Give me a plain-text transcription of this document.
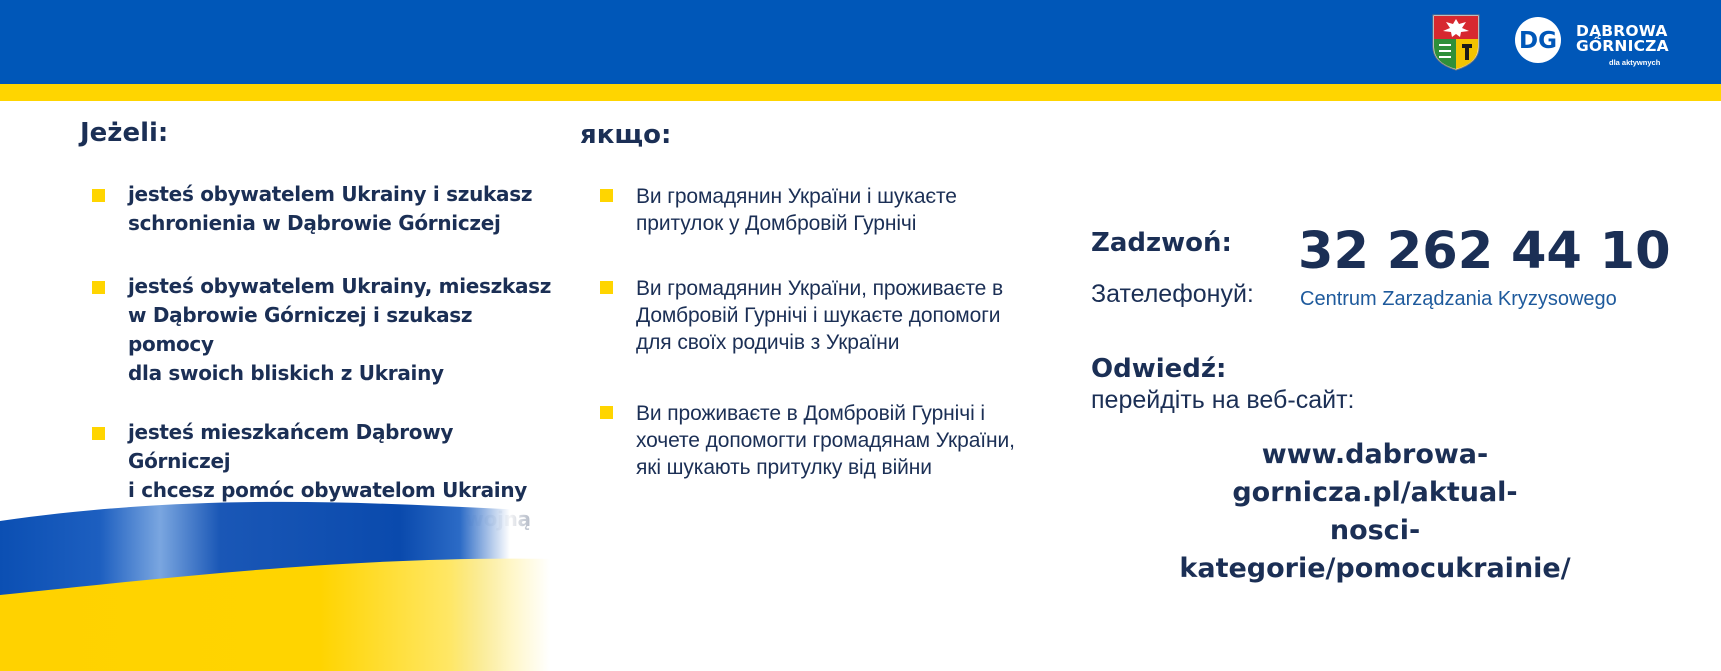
DG DĄBROWA
GÓRNICZA
dla aktywnych
Jeżeli:	якщо:
jesteś obywatelem Ukrainy i szukasz
schronienia w Dąbrowie Górniczej
jesteś obywatelem Ukrainy, mieszkasz
w Dąbrowie Górniczej i szukasz pomocy
dla swoich bliskich z Ukrainy
jesteś mieszkańcem Dąbrowy Górniczej
i chcesz pomóc obywatelom Ukrainy
Ви громадянин України і шукаєте
притулок у Домбровій Гурнічі
Ви громадянин України, проживаєте в
Домбровій Гурнічі і шукаєте допомоги
для своїх родичів з України
Ви проживаєте в Домбровій Гурнічі і
хочете допомогти громадянам України,
які шукають притулку від війни
Zadzwoń:
Зателефонуй:
32 262 44 10
Centrum Zarządzania Kryzysowego
Odwiedź:
перейдіть на веб-сайт:
www.dabrowa-gornicza.pl/aktual-
nosci-kategorie/pomocukrainie/
